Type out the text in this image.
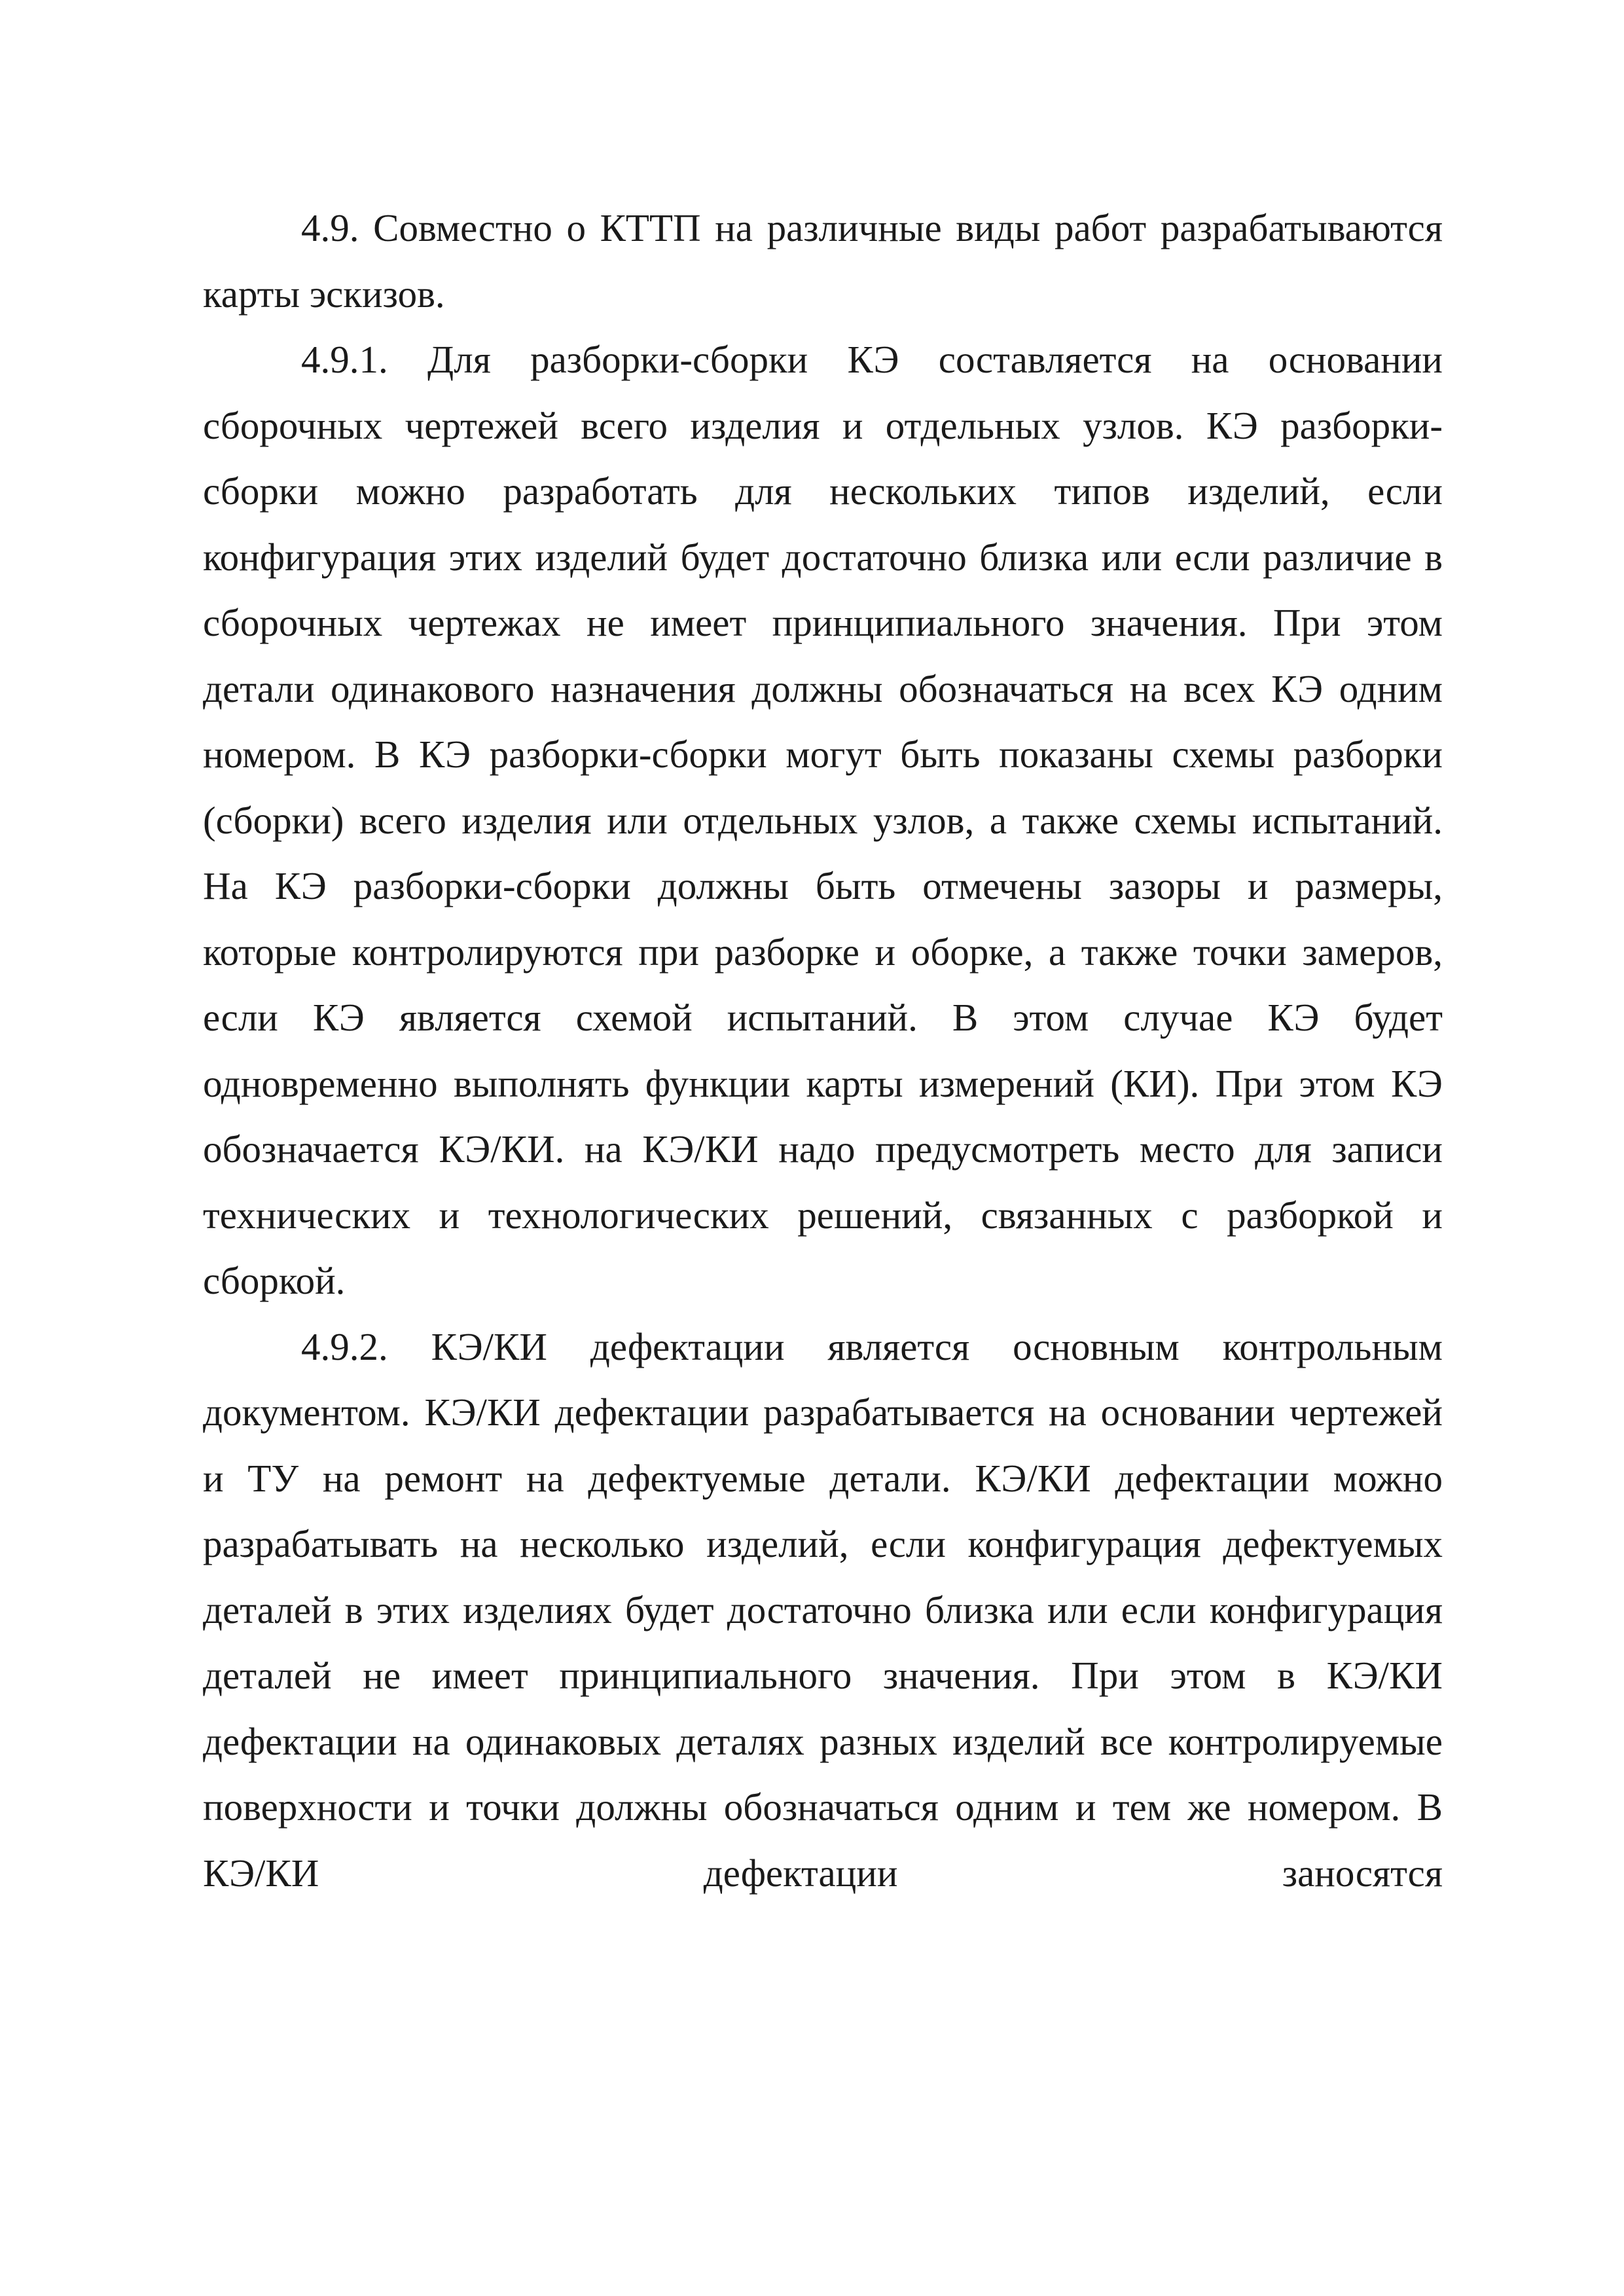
4.9. Совместно о КТТП на различные виды работ разрабатываются карты эскизов.

4.9.1. Для разборки-сборки КЭ составляется на основании сборочных чертежей всего изделия и отдельных узлов. КЭ разборки-сборки можно разработать для нескольких типов изделий, если конфигурация этих изделий будет достаточно близка или если различие в сборочных чертежах не имеет принципиального значения. При этом детали одинакового назначения должны обозначаться на всех КЭ одним номером. В КЭ разборки-сборки могут быть показаны схемы разборки (сборки) всего изделия или отдельных узлов, а также схемы испытаний. На КЭ разборки-сборки должны быть отмечены зазоры и размеры, которые контролируются при разборке и оборке, а также точки замеров, если КЭ является схемой испытаний. В этом случае КЭ будет одновременно выполнять функции карты измерений (КИ). При этом КЭ обозначается КЭ/КИ. на КЭ/КИ надо предусмотреть место для записи технических и технологических решений, связанных с разборкой и сборкой.

4.9.2. КЭ/КИ дефектации является основным контрольным документом. КЭ/КИ дефектации разрабатывается на основании чертежей и ТУ на ремонт на дефектуемые детали. КЭ/КИ дефектации можно разрабатывать на несколько изделий, если конфигурация дефектуемых деталей в этих изделиях будет достаточно близка или если конфигурация деталей не имеет принципиального значения. При этом в КЭ/КИ дефектации на одинаковых деталях разных изделий все контролируемые поверхности и точки должны обозначаться одним и тем же номером. В КЭ/КИ дефектации заносятся
